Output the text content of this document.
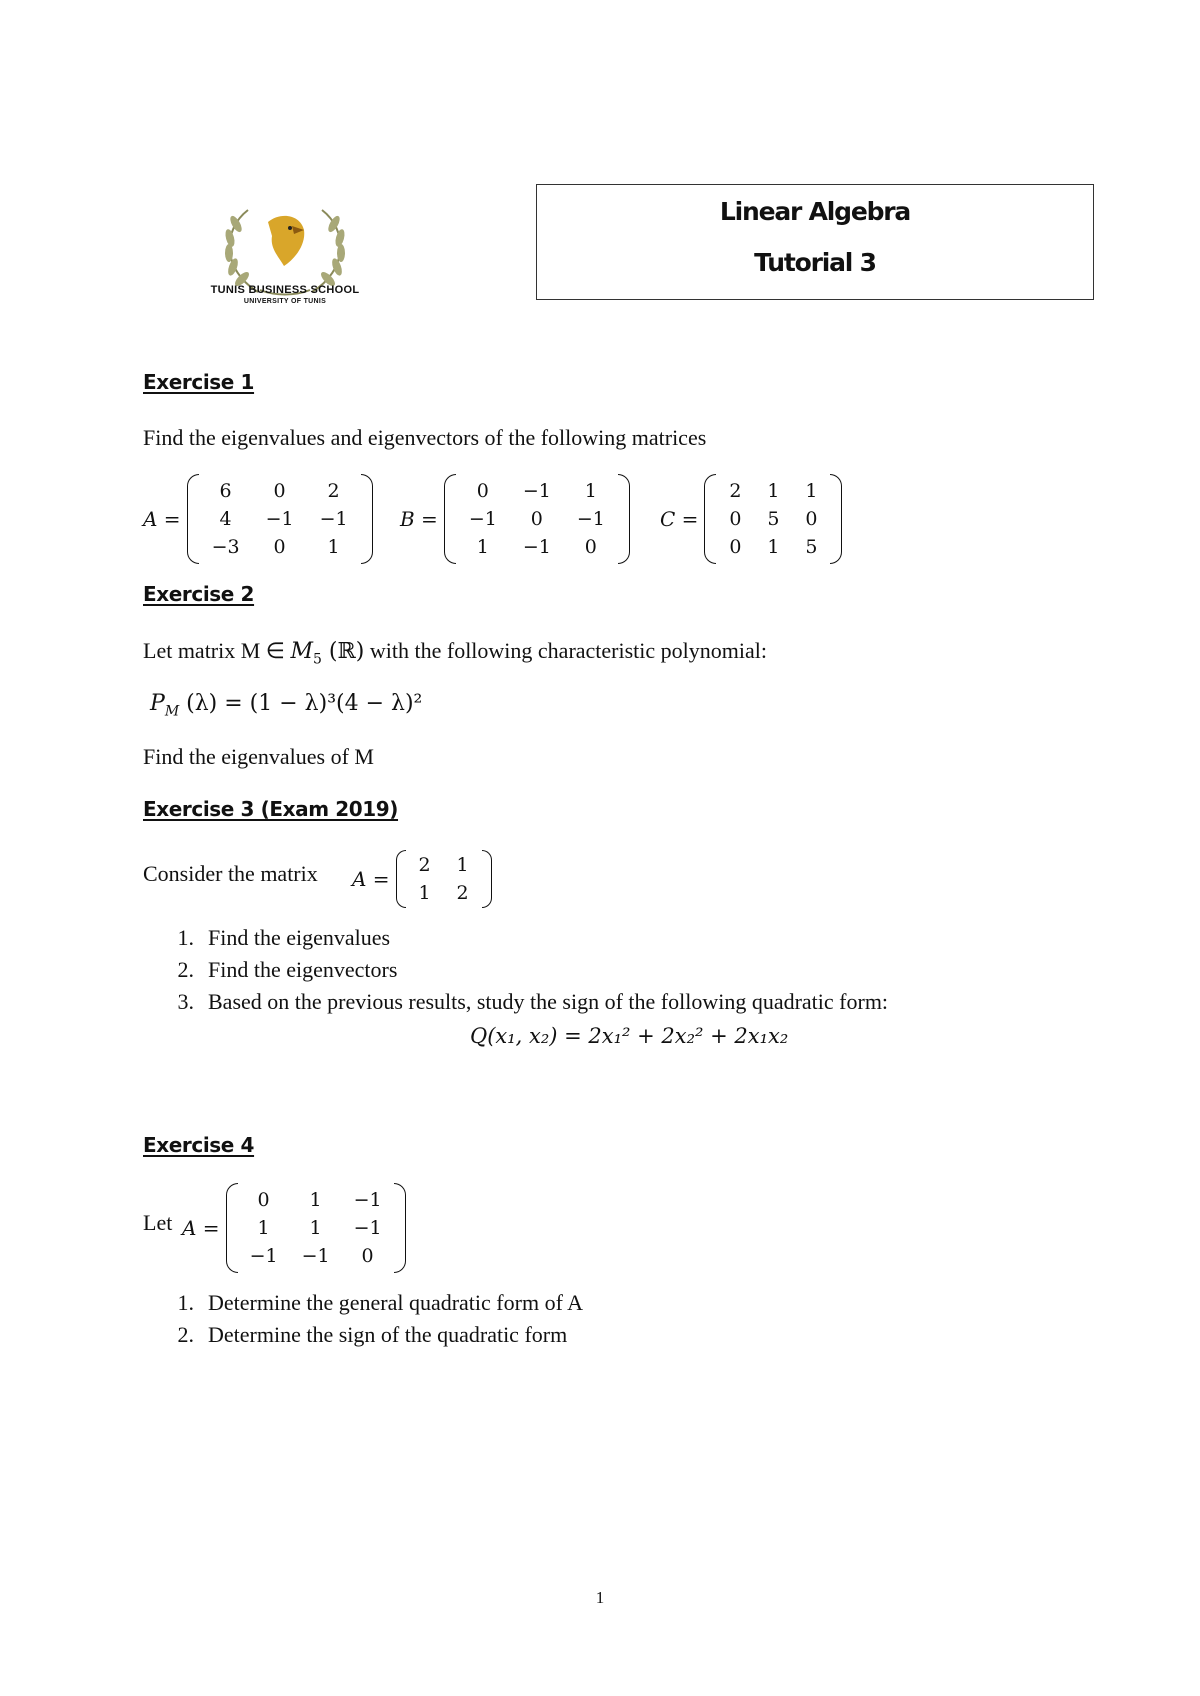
TUNIS BUSINESS SCHOOL
UNIVERSITY OF TUNIS
Linear Algebra
Tutorial 3
Exercise 1
Find the eigenvalues and eigenvectors of the following matrices
A =
6	0	2
4	−1	−1
−3	0	1
B =
0	−1	1
−1	0	−1
1	−1	0
C =
2	1	1
0	5	0
0	1	5
Exercise 2
Let matrix M ∈ $M_5$ (ℝ) with the following characteristic polynomial:
$P_M$ (λ) = (1 − λ)³(4 − λ)²
Find the eigenvalues of M
Exercise 3 (Exam 2019)
Consider the matrix A =
2	1
1	2
1. Find the eigenvalues
2. Find the eigenvectors
3. Based on the previous results, study the sign of the following quadratic form:
Q(x₁, x₂) = 2x₁² + 2x₂² + 2x₁x₂
Exercise 4
Let A =
0	1	−1
1	1	−1
−1	−1	0
1. Determine the general quadratic form of A
2. Determine the sign of the quadratic form
1
